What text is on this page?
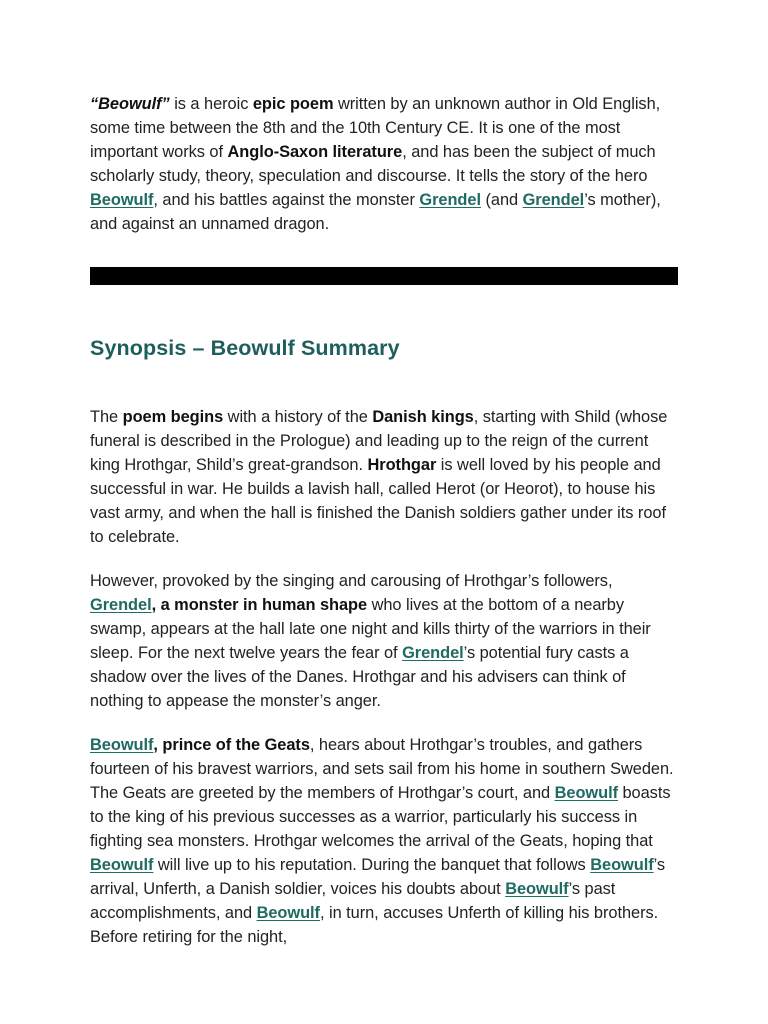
“Beowulf” is a heroic epic poem written by an unknown author in Old English, some time between the 8th and the 10th Century CE. It is one of the most important works of Anglo-Saxon literature, and has been the subject of much scholarly study, theory, speculation and discourse. It tells the story of the hero Beowulf, and his battles against the monster Grendel (and Grendel’s mother), and against an unnamed dragon.

Synopsis – Beowulf Summary

The poem begins with a history of the Danish kings, starting with Shild (whose funeral is described in the Prologue) and leading up to the reign of the current king Hrothgar, Shild’s great-grandson. Hrothgar is well loved by his people and successful in war. He builds a lavish hall, called Herot (or Heorot), to house his vast army, and when the hall is finished the Danish soldiers gather under its roof to celebrate.

However, provoked by the singing and carousing of Hrothgar’s followers, Grendel, a monster in human shape who lives at the bottom of a nearby swamp, appears at the hall late one night and kills thirty of the warriors in their sleep. For the next twelve years the fear of Grendel’s potential fury casts a shadow over the lives of the Danes. Hrothgar and his advisers can think of nothing to appease the monster’s anger.

Beowulf, prince of the Geats, hears about Hrothgar’s troubles, and gathers fourteen of his bravest warriors, and sets sail from his home in southern Sweden. The Geats are greeted by the members of Hrothgar’s court, and Beowulf boasts to the king of his previous successes as a warrior, particularly his success in fighting sea monsters. Hrothgar welcomes the arrival of the Geats, hoping that Beowulf will live up to his reputation. During the banquet that follows Beowulf’s arrival, Unferth, a Danish soldier, voices his doubts about Beowulf’s past accomplishments, and Beowulf, in turn, accuses Unferth of killing his brothers. Before retiring for the night,
